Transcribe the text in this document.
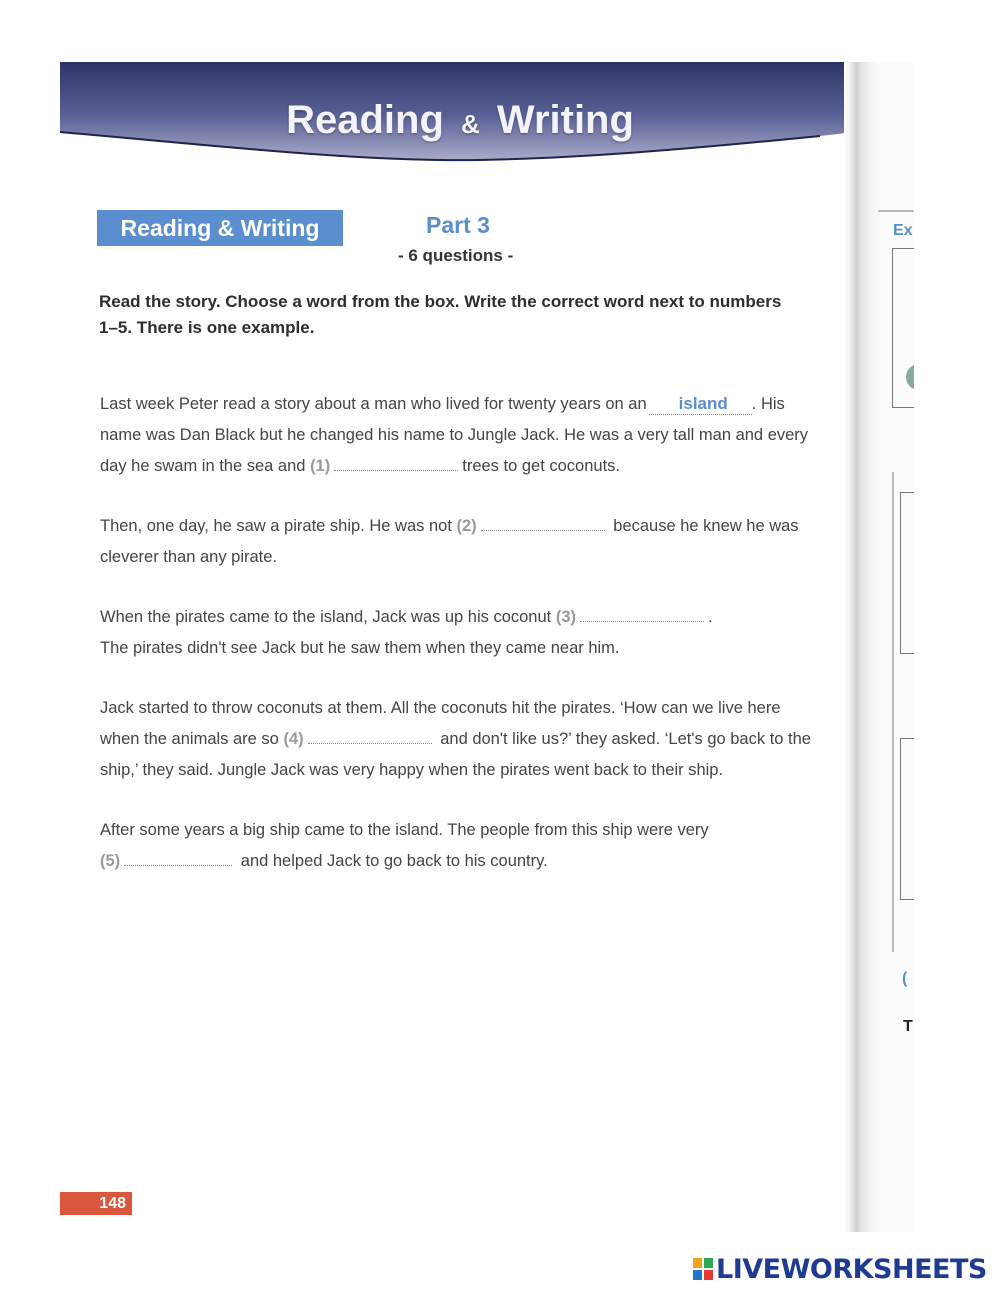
Reading & Writing
Ex
(
T
Reading & Writing	Part 3
- 6 questions -
Read the story. Choose a word from the box. Write the correct word next to numbers 1–5. There is one example.

Last week Peter read a story about a man who lived for twenty years on an island . His name was Dan Black but he changed his name to Jungle Jack. He was a very tall man and every day he swam in the sea and (1)	trees to get coconuts.

Then, one day, he saw a pirate ship. He was not (2)	because he knew he was cleverer than any pirate.

When the pirates came to the island, Jack was up his coconut (3)	.
The pirates didn't see Jack but he saw them when they came near him.

Jack started to throw coconuts at them. All the coconuts hit the pirates. ‘How can we live here when the animals are so (4)	and don't like us?’ they asked. ‘Let's go back to the ship,’ they said. Jungle Jack was very happy when the pirates went back to their ship.

After some years a big ship came to the island. The people from this ship were very
(5)	and helped Jack to go back to his country.

148
LIVEWORKSHEETS
